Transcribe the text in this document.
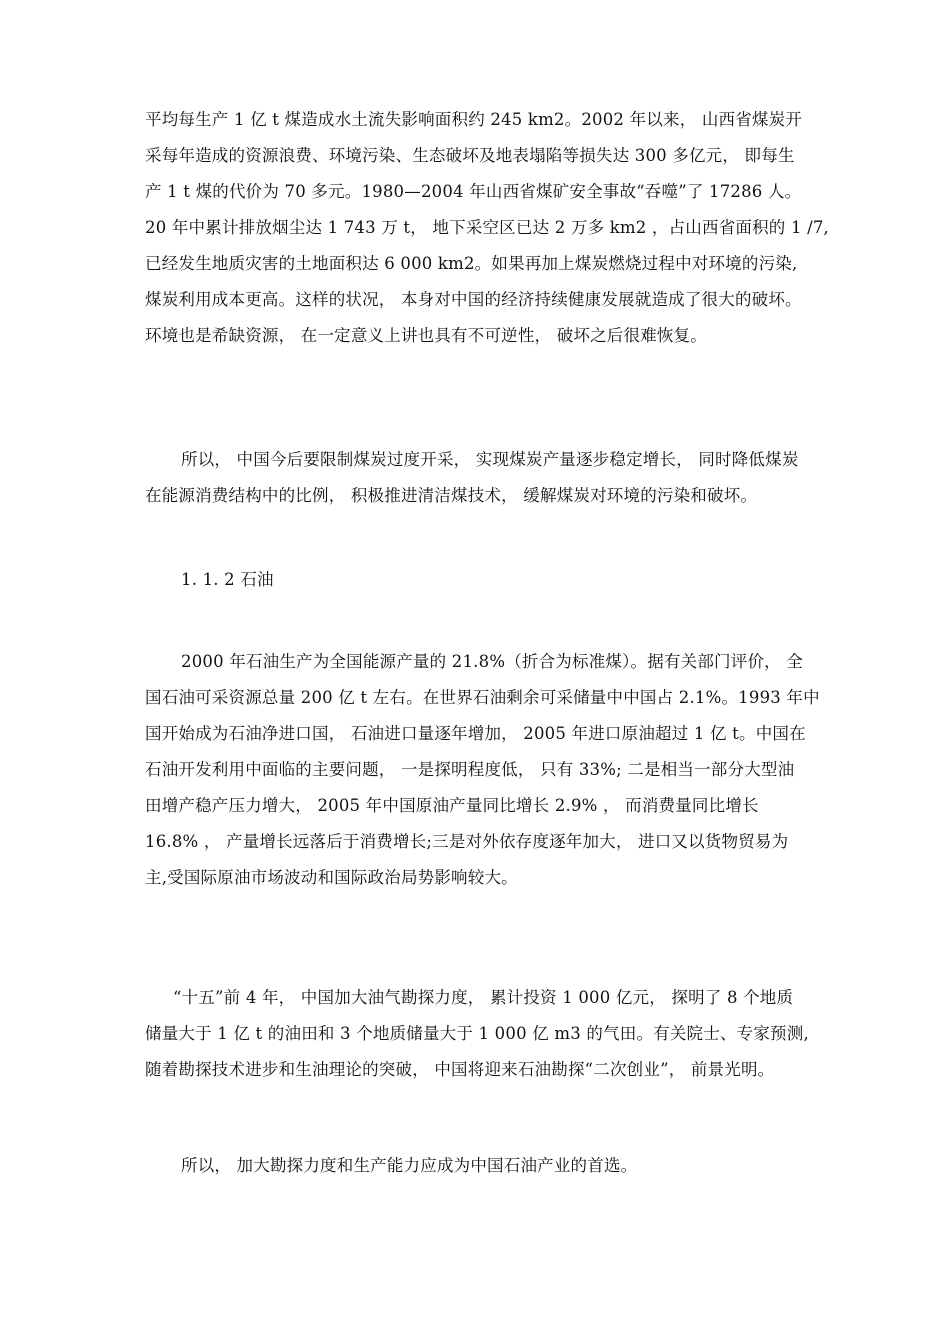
平均每生产 1 亿 t 煤造成水土流失影响面积约 245 km2。2002 年以来， 山西省煤炭开
采每年造成的资源浪费、环境污染、生态破坏及地表塌陷等损失达 300 多亿元， 即每生
产 1 t 煤的代价为 70 多元。1980—2004 年山西省煤矿安全事故“吞噬”了 17286 人。
20 年中累计排放烟尘达 1 743 万 t， 地下采空区已达 2 万多 km2 ，占山西省面积的 1 /7,
已经发生地质灾害的土地面积达 6 000 km2。如果再加上煤炭燃烧过程中对环境的污染,
煤炭利用成本更高。这样的状况， 本身对中国的经济持续健康发展就造成了很大的破坏。
环境也是希缺资源， 在一定意义上讲也具有不可逆性， 破坏之后很难恢复。
所以， 中国今后要限制煤炭过度开采， 实现煤炭产量逐步稳定增长， 同时降低煤炭
在能源消费结构中的比例， 积极推进清洁煤技术， 缓解煤炭对环境的污染和破坏。
1. 1. 2 石油
2000 年石油生产为全国能源产量的 21.8%（折合为标准煤）。据有关部门评价， 全
国石油可采资源总量 200 亿 t 左右。在世界石油剩余可采储量中中国占 2.1%。1993 年中
国开始成为石油净进口国， 石油进口量逐年增加， 2005 年进口原油超过 1 亿 t。中国在
石油开发利用中面临的主要问题， 一是探明程度低， 只有 33%; 二是相当一部分大型油
田增产稳产压力增大， 2005 年中国原油产量同比增长 2.9% ， 而消费量同比增长
16.8% ， 产量增长远落后于消费增长;三是对外依存度逐年加大， 进口又以货物贸易为
主,受国际原油市场波动和国际政治局势影响较大。
“十五”前 4 年， 中国加大油气勘探力度， 累计投资 1 000 亿元， 探明了 8 个地质
储量大于 1 亿 t 的油田和 3 个地质储量大于 1 000 亿 m3 的气田。有关院士、专家预测,
随着勘探技术进步和生油理论的突破， 中国将迎来石油勘探“二次创业”， 前景光明。
所以， 加大勘探力度和生产能力应成为中国石油产业的首选。
